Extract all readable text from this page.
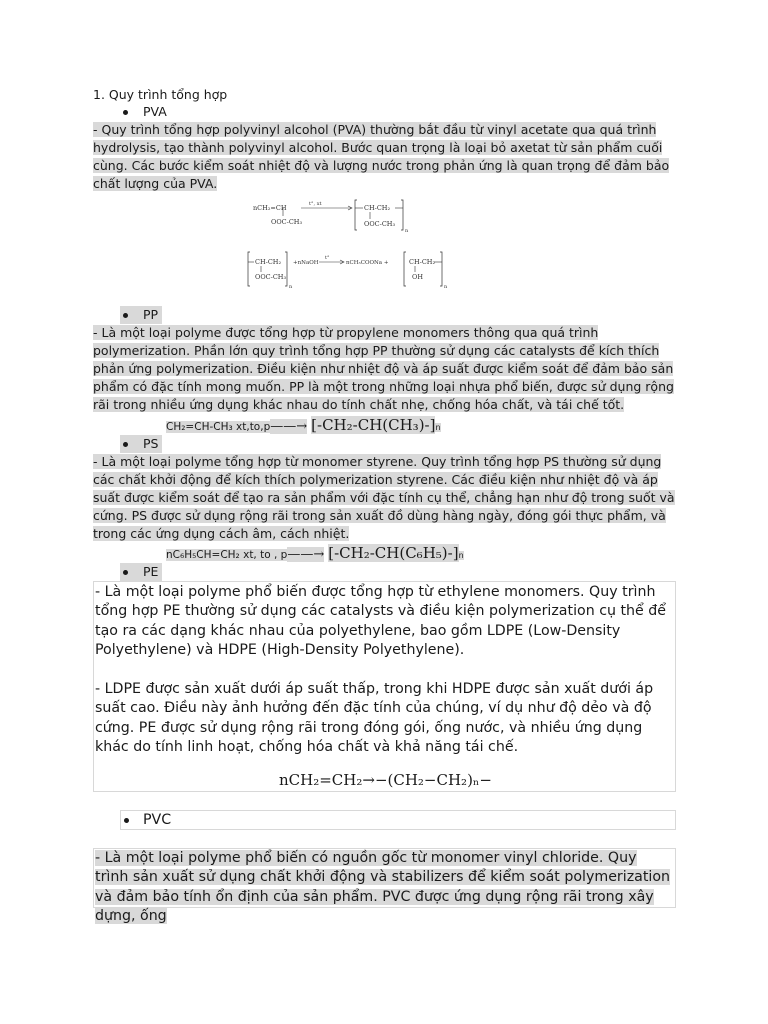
1. Quy trình tổng hợp
PVA
- Quy trình tổng hợp polyvinyl alcohol (PVA) thường bắt đầu từ vinyl acetate qua quá trình hydrolysis, tạo thành polyvinyl alcohol. Bước quan trọng là loại bỏ axetat từ sản phẩm cuối cùng. Các bước kiểm soát nhiệt độ và lượng nước trong phản ứng là quan trọng để đảm bảo chất lượng của PVA.
nCH₂=CH
OOC-CH₃
t°, xt	CH-CH₂
OOC-CH₃
n
CH-CH₂
OOC-CH₃
n
+nNaOH
t°
nCH₃COONa +	CH-CH₂
OH
n
PP
- Là một loại polyme được tổng hợp từ propylene monomers thông qua quá trình polymerization. Phần lớn quy trình tổng hợp PP thường sử dụng các catalysts để kích thích phản ứng polymerization. Điều kiện như nhiệt độ và áp suất được kiểm soát để đảm bảo sản phẩm có đặc tính mong muốn. PP là một trong những loại nhựa phổ biến, được sử dụng rộng rãi trong nhiều ứng dụng khác nhau do tính chất nhẹ, chống hóa chất, và tái chế tốt.
CH₂=CH-CH₃ xt,to,p——→ [-CH₂-CH(CH₃)-]n
PS
- Là một loại polyme tổng hợp từ monomer styrene. Quy trình tổng hợp PS thường sử dụng các chất khởi động để kích thích polymerization styrene. Các điều kiện như nhiệt độ và áp suất được kiểm soát để tạo ra sản phẩm với đặc tính cụ thể, chẳng hạn như độ trong suốt và cứng. PS được sử dụng rộng rãi trong sản xuất đồ dùng hàng ngày, đóng gói thực phẩm, và trong các ứng dụng cách âm, cách nhiệt.
nC₆H₅CH=CH₂ xt, to , p——→ [-CH₂-CH(C₆H₅)-]n
PE
- Là một loại polyme phổ biến được tổng hợp từ ethylene monomers. Quy trình tổng hợp PE thường sử dụng các catalysts và điều kiện polymerization cụ thể để tạo ra các dạng khác nhau của polyethylene, bao gồm LDPE (Low-Density Polyethylene) và HDPE (High-Density Polyethylene).
- LDPE được sản xuất dưới áp suất thấp, trong khi HDPE được sản xuất dưới áp suất cao. Điều này ảnh hưởng đến đặc tính của chúng, ví dụ như độ dẻo và độ cứng. PE được sử dụng rộng rãi trong đóng gói, ống nước, và nhiều ứng dụng khác do tính linh hoạt, chống hóa chất và khả năng tái chế.
nCH₂=CH₂→−(CH₂−CH₂)ₙ−
PVC
- Là một loại polyme phổ biến có nguồn gốc từ monomer vinyl chloride. Quy trình sản xuất sử dụng chất khởi động và stabilizers để kiểm soát polymerization và đảm bảo tính ổn định của sản phẩm. PVC được ứng dụng rộng rãi trong xây dựng, ống
